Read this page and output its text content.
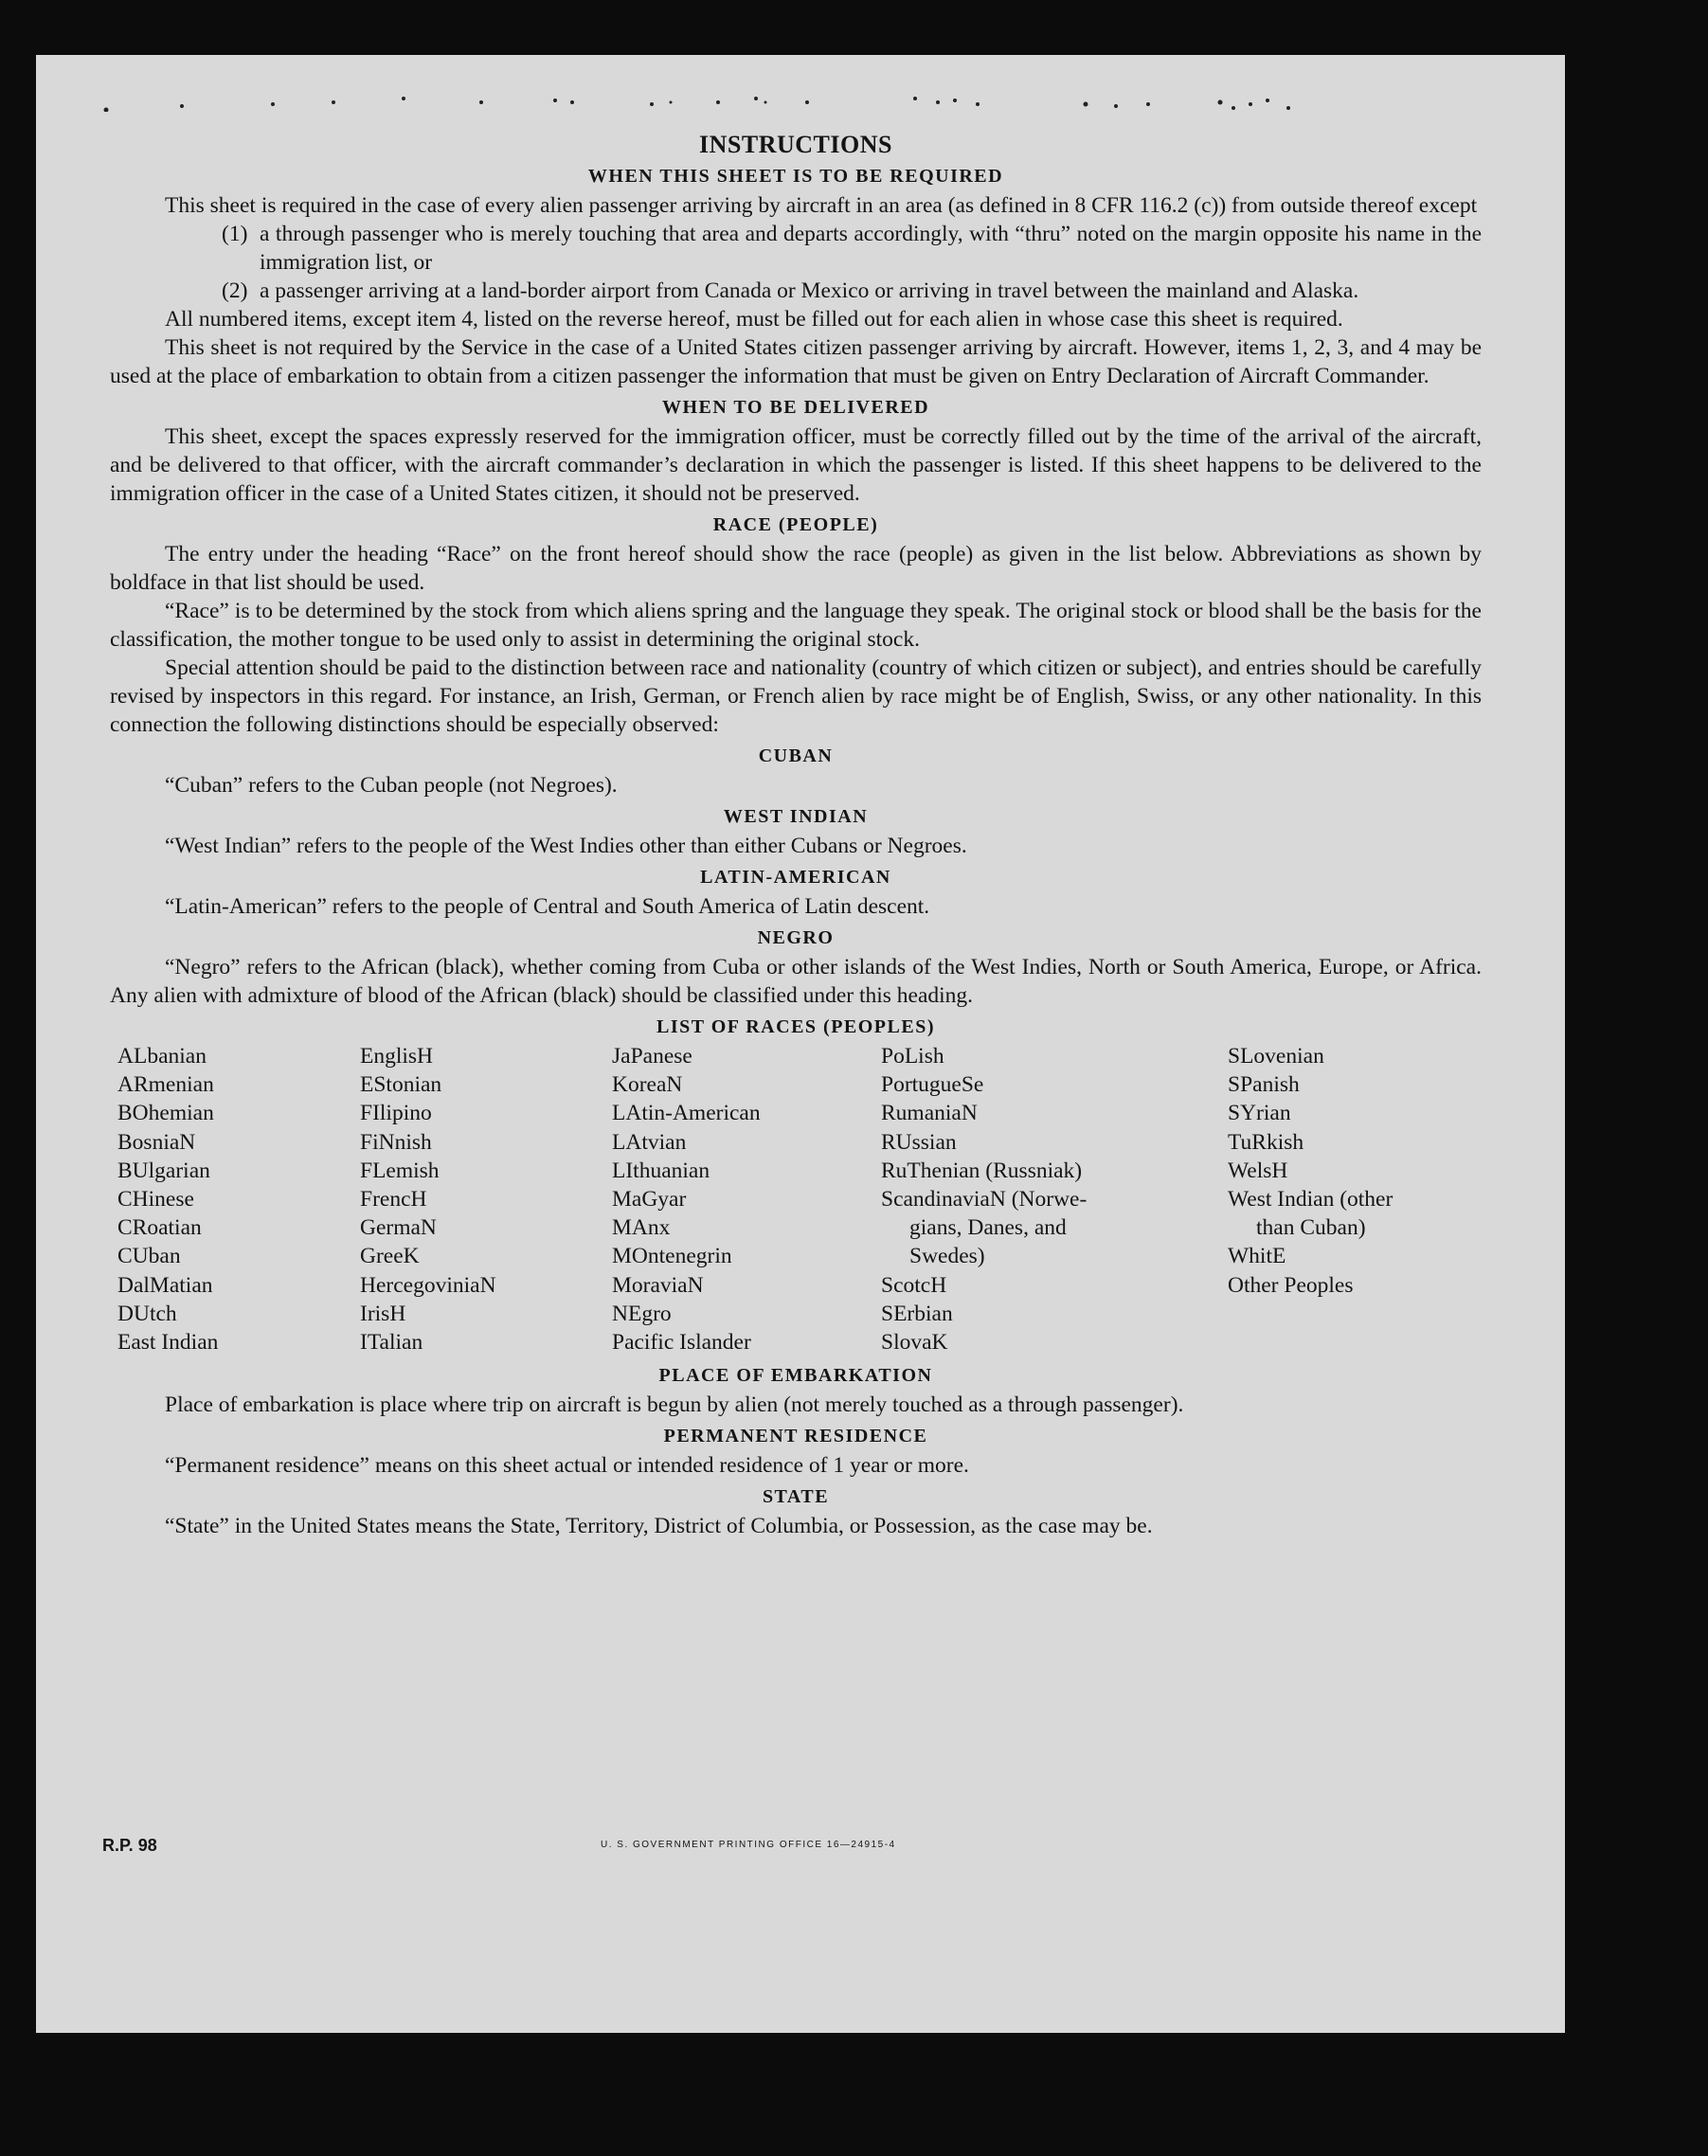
INSTRUCTIONS
WHEN THIS SHEET IS TO BE REQUIRED

This sheet is required in the case of every alien passenger arriving by aircraft in an area (as defined in 8 CFR 116.2 (c)) from outside thereof except

(1) a through passenger who is merely touching that area and departs accordingly, with “thru” noted on the margin opposite his name in the immigration list, or
(2) a passenger arriving at a land-border airport from Canada or Mexico or arriving in travel between the mainland and Alaska.

All numbered items, except item 4, listed on the reverse hereof, must be filled out for each alien in whose case this sheet is required.

This sheet is not required by the Service in the case of a United States citizen passenger arriving by aircraft. However, items 1, 2, 3, and 4 may be used at the place of embarkation to obtain from a citizen passenger the information that must be given on Entry Declaration of Aircraft Commander.

WHEN TO BE DELIVERED

This sheet, except the spaces expressly reserved for the immigration officer, must be correctly filled out by the time of the arrival of the aircraft, and be delivered to that officer, with the aircraft commander’s declaration in which the passenger is listed. If this sheet happens to be delivered to the immigration officer in the case of a United States citizen, it should not be preserved.

RACE (PEOPLE)

The entry under the heading “Race” on the front hereof should show the race (people) as given in the list below. Abbreviations as shown by boldface in that list should be used.

“Race” is to be determined by the stock from which aliens spring and the language they speak. The original stock or blood shall be the basis for the classification, the mother tongue to be used only to assist in determining the original stock.

Special attention should be paid to the distinction between race and nationality (country of which citizen or subject), and entries should be carefully revised by inspectors in this regard. For instance, an Irish, German, or French alien by race might be of English, Swiss, or any other nationality. In this connection the following distinctions should be especially observed:

CUBAN
“Cuban” refers to the Cuban people (not Negroes).
WEST INDIAN
“West Indian” refers to the people of the West Indies other than either Cubans or Negroes.
LATIN-AMERICAN
“Latin-American” refers to the people of Central and South America of Latin descent.
NEGRO

“Negro” refers to the African (black), whether coming from Cuba or other islands of the West Indies, North or South America, Europe, or Africa. Any alien with admixture of blood of the African (black) should be classified under this heading.

LIST OF RACES (PEOPLES)
ALbanian
ARmenian
BOhemian
BosniaN
BUlgarian
CHinese
CRoatian
CUban
DalMatian
DUtch
East Indian
EnglisH
EStonian
FIlipino
FiNnish
FLemish
FrencH
GermaN
GreeK
HercegoviniaN
IrisH
ITalian
JaPanese
KoreaN
LAtin-American
LAtvian
LIthuanian
MaGyar
MAnx
MOntenegrin
MoraviaN
NEgro
Pacific Islander
PoLish
PortugueSe
RumaniaN
RUssian
RuThenian (Russniak)
ScandinaviaN (Norwe-
gians, Danes, and
Swedes)
ScotcH
SErbian
SlovaK
SLovenian
SPanish
SYrian
TuRkish
WelsH
West Indian (other
than Cuban)
WhitE
Other Peoples
PLACE OF EMBARKATION

Place of embarkation is place where trip on aircraft is begun by alien (not merely touched as a through passenger).

PERMANENT RESIDENCE

“Permanent residence” means on this sheet actual or intended residence of 1 year or more.

STATE

“State” in the United States means the State, Territory, District of Columbia, or Possession, as the case may be.

R.P. 98	U. S. GOVERNMENT PRINTING OFFICE 16—24915-4
